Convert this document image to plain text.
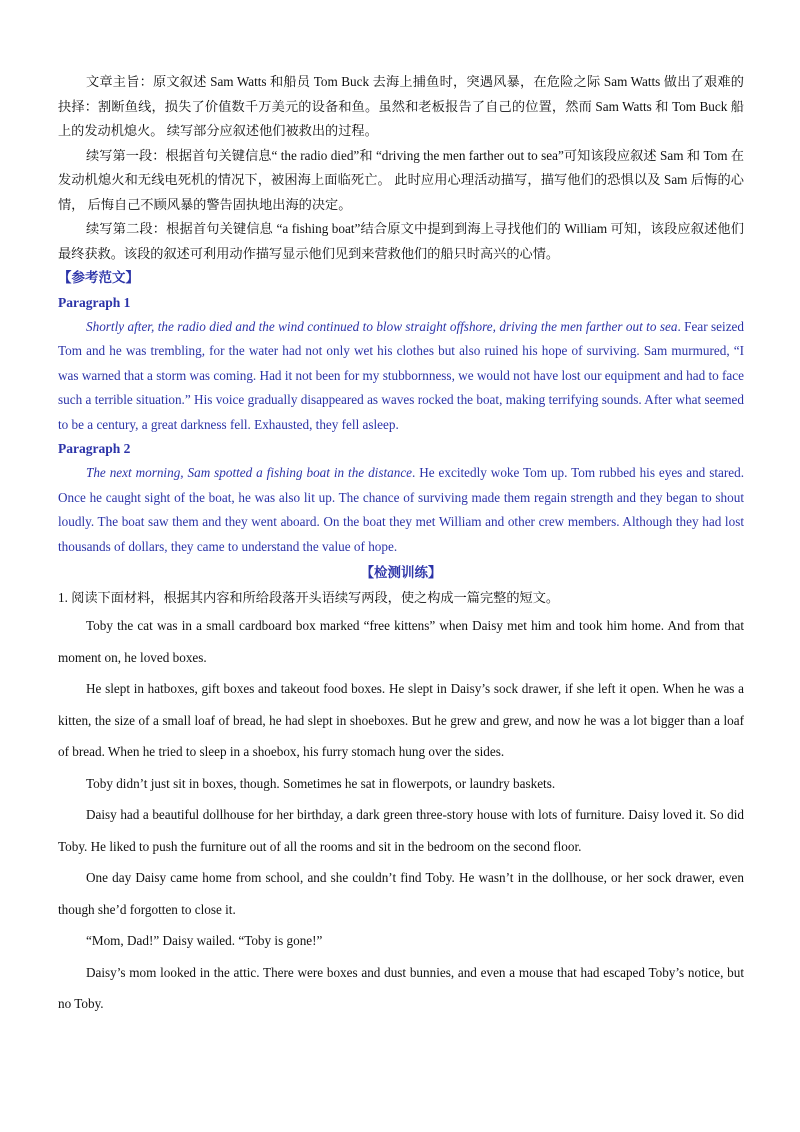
文章主旨：原文叙述 Sam Watts 和船员 Tom Buck 去海上捕鱼时，突遇风暴，在危险之际 Sam Watts 做出了艰难的抉择：割断鱼线，损失了价值数千万美元的设备和鱼。虽然和老板报告了自己的位置，然而 Sam Watts 和 Tom Buck 船上的发动机熄火。 续写部分应叙述他们被救出的过程。

续写第一段：根据首句关键信息“ the radio died”和 “driving the men farther out to sea”可知该段应叙述 Sam 和 Tom 在发动机熄火和无线电死机的情况下，被困海上面临死亡。 此时应用心理活动描写，描写他们的恐惧以及 Sam 后悔的心情， 后悔自己不顾风暴的警告固执地出海的决定。

续写第二段：根据首句关键信息 “a fishing boat”结合原文中提到到海上寻找他们的 William 可知，该段应叙述他们最终获救。该段的叙述可利用动作描写显示他们见到来营救他们的船只时高兴的心情。

【参考范文】

Paragraph 1

Shortly after, the radio died and the wind continued to blow straight offshore, driving the men farther out to sea. Fear seized Tom and he was trembling, for the water had not only wet his clothes but also ruined his hope of surviving. Sam murmured, “I was warned that a storm was coming. Had it not been for my stubbornness, we would not have lost our equipment and had to face such a terrible situation.” His voice gradually disappeared as waves rocked the boat, making terrifying sounds. After what seemed to be a century, a great darkness fell. Exhausted, they fell asleep.

Paragraph 2

The next morning, Sam spotted a fishing boat in the distance. He excitedly woke Tom up. Tom rubbed his eyes and stared. Once he caught sight of the boat, he was also lit up. The chance of surviving made them regain strength and they began to shout loudly. The boat saw them and they went aboard. On the boat they met William and other crew members. Although they had lost thousands of dollars, they came to understand the value of hope.

【检测训练】

1. 阅读下面材料，根据其内容和所给段落开头语续写两段，使之构成一篇完整的短文。

Toby the cat was in a small cardboard box marked “free kittens” when Daisy met him and took him home. And from that moment on, he loved boxes.

He slept in hatboxes, gift boxes and takeout food boxes. He slept in Daisy’s sock drawer, if she left it open. When he was a kitten, the size of a small loaf of bread, he had slept in shoeboxes. But he grew and grew, and now he was a lot bigger than a loaf of bread. When he tried to sleep in a shoebox, his furry stomach hung over the sides.

Toby didn’t just sit in boxes, though. Sometimes he sat in flowerpots, or laundry baskets.

Daisy had a beautiful dollhouse for her birthday, a dark green three-story house with lots of furniture. Daisy loved it. So did Toby. He liked to push the furniture out of all the rooms and sit in the bedroom on the second floor.

One day Daisy came home from school, and she couldn’t find Toby. He wasn’t in the dollhouse, or her sock drawer, even though she’d forgotten to close it.

“Mom, Dad!” Daisy wailed. “Toby is gone!”

Daisy’s mom looked in the attic. There were boxes and dust bunnies, and even a mouse that had escaped Toby’s notice, but no Toby.
